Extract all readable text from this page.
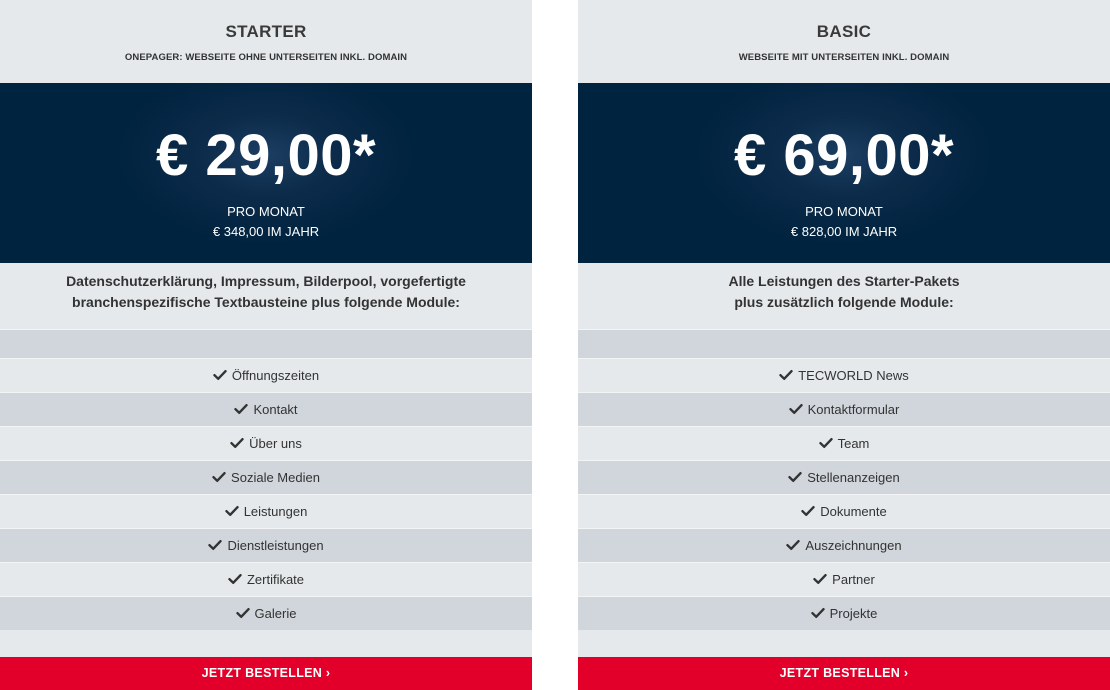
STARTER
ONEPAGER: WEBSEITE OHNE UNTERSEITEN INKL. DOMAIN
€ 29,00*
PRO MONAT
€ 348,00 IM JAHR
Datenschutzerklärung, Impressum, Bilderpool, vorgefertigte
branchenspezifische Textbausteine plus folgende Module:
Öffnungszeiten
Kontakt
Über uns
Soziale Medien
Leistungen
Dienstleistungen
Zertifikate
Galerie
JETZT BESTELLEN ›
BASIC
WEBSEITE MIT UNTERSEITEN INKL. DOMAIN
€ 69,00*
PRO MONAT
€ 828,00 IM JAHR
Alle Leistungen des Starter-Pakets
plus zusätzlich folgende Module:
TECWORLD News
Kontaktformular
Team
Stellenanzeigen
Dokumente
Auszeichnungen
Partner
Projekte
JETZT BESTELLEN ›
